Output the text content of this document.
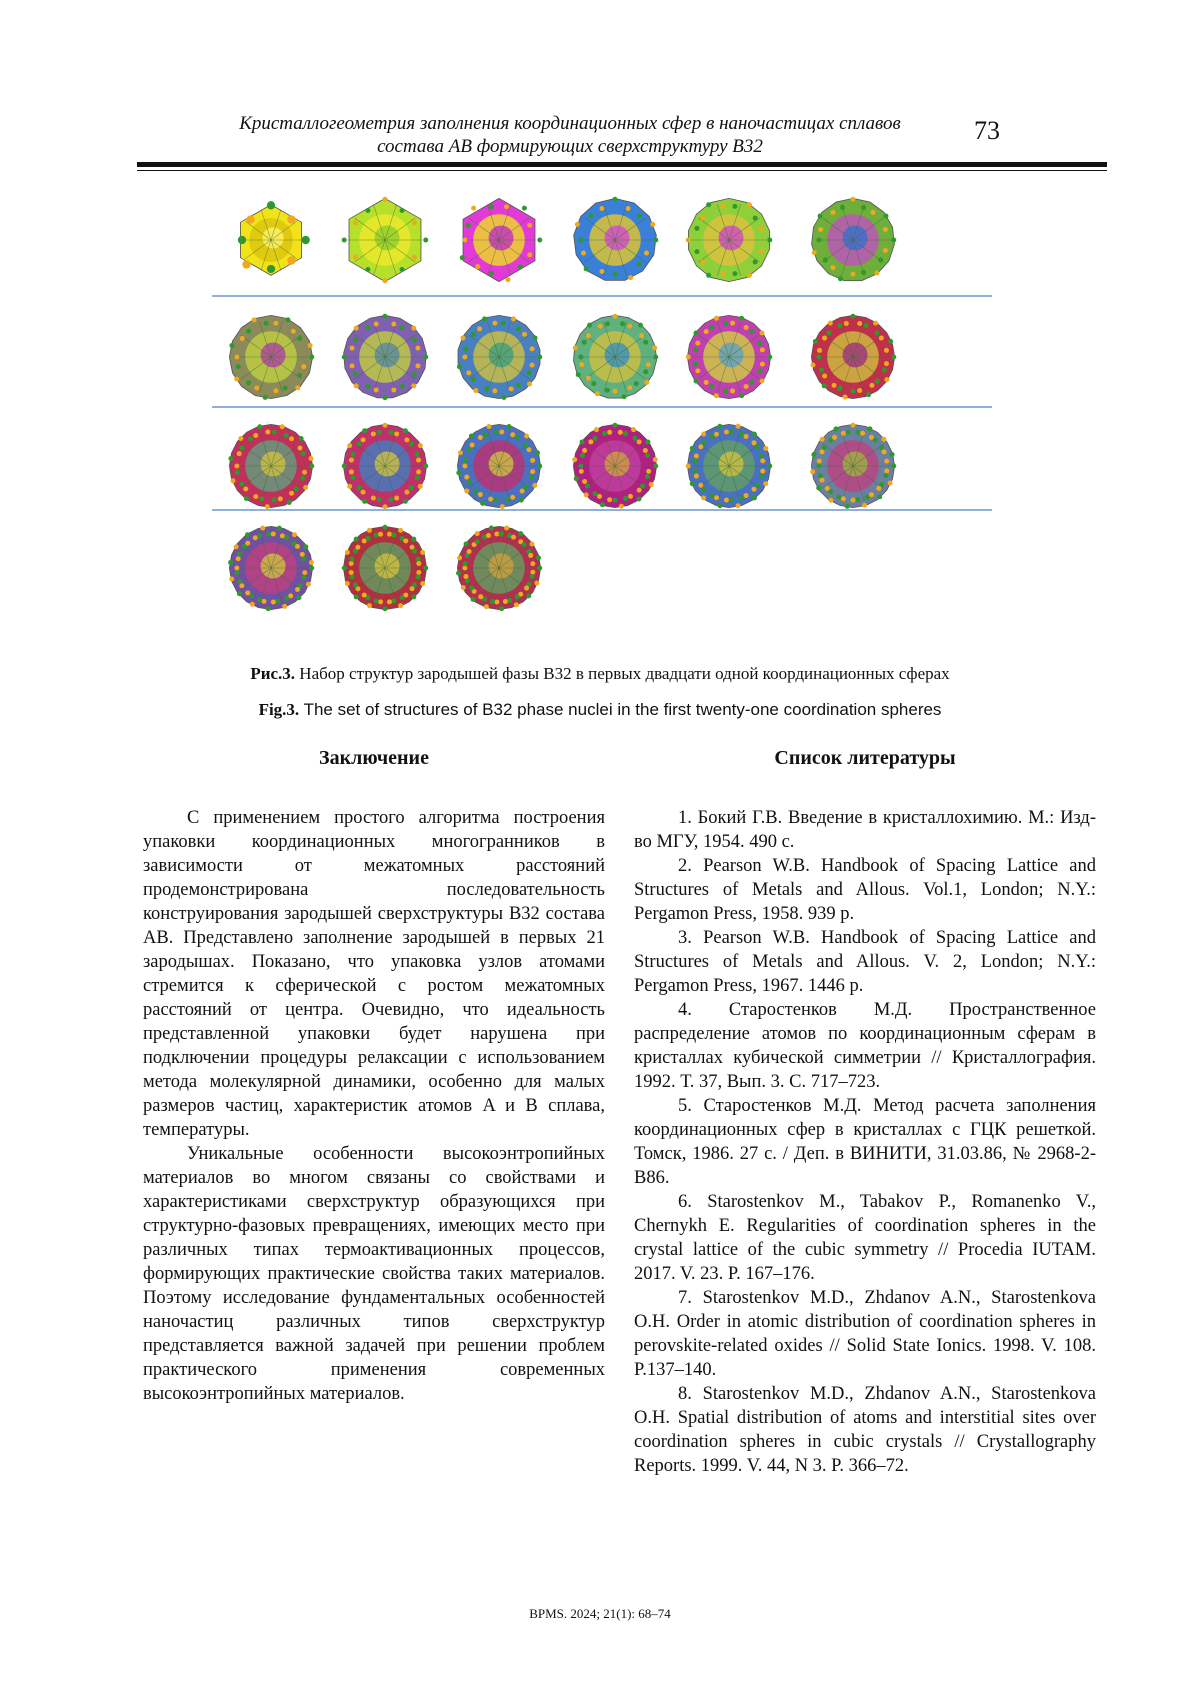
Кристаллогеометрия заполнения координационных сфер в наночастицах сплавов
состава AB формирующих сверхструктуру B32
73
Рис.3. Набор структур зародышей фазы B32 в первых двадцати одной координационных сферах
Fig.3. The set of structures of B32 phase nuclei in the first twenty-one coordination spheres
Заключение

С применением простого алгоритма построения упаковки координационных многогранников в зависимости от межатомных расстояний продемонстрирована последовательность конструирования зародышей сверхструктуры B32 состава AB. Представлено заполнение зародышей в первых 21 зародышах. Показано, что упаковка узлов атомами стремится к сферической с ростом межатомных расстояний от центра. Очевидно, что идеальность представленной упаковки будет нарушена при подключении процедуры релаксации с использованием метода молекулярной динамики, особенно для малых размеров частиц, характеристик атомов A и B сплава, температуры.

Уникальные особенности высокоэнтропийных материалов во многом связаны со свойствами и характеристиками сверхструктур образующихся при структурно-фазовых превращениях, имеющих место при различных типах термоактивационных процессов, формирующих практические свойства таких материалов. Поэтому исследование фундаментальных особенностей наночастиц различных типов сверхструктур представляется важной задачей при решении проблем практического применения современных высокоэнтропийных материалов.

Список литературы

1. Бокий Г.В. Введение в кристаллохимию. М.: Изд-во МГУ, 1954. 490 с.

2. Pearson W.B. Handbook of Spacing Lattice and Structures of Metals and Allous. Vol.1, London; N.Y.: Pergamon Press, 1958. 939 p.

3. Pearson W.B. Handbook of Spacing Lattice and Structures of Metals and Allous. V. 2, London; N.Y.: Pergamon Press, 1967. 1446 p.

4. Старостенков М.Д. Пространственное распределение атомов по координационным сферам в кристаллах кубической симметрии // Кристаллография. 1992. Т. 37, Вып. 3. С. 717–723.

5. Старостенков М.Д. Метод расчета заполнения координационных сфер в кристаллах с ГЦК решеткой. Томск, 1986. 27 с. / Деп. в ВИНИТИ, 31.03.86, № 2968-2-B86.

6. Starostenkov M., Tabakov P., Romanenko V., Chernykh E. Regularities of coordination spheres in the crystal lattice of the cubic symmetry // Procedia IUTAM. 2017. V. 23. P. 167–176.

7. Starostenkov M.D., Zhdanov A.N., Starostenkova O.H. Order in atomic distribution of coordination spheres in perovskite-related oxides // Solid State Ionics. 1998. V. 108. P.137–140.

8. Starostenkov M.D., Zhdanov A.N., Starostenkova O.H. Spatial distribution of atoms and interstitial sites over coordination spheres in cubic crystals // Crystallography Reports. 1999. V. 44, N 3. P. 366–72.

BPMS. 2024; 21(1): 68–74
